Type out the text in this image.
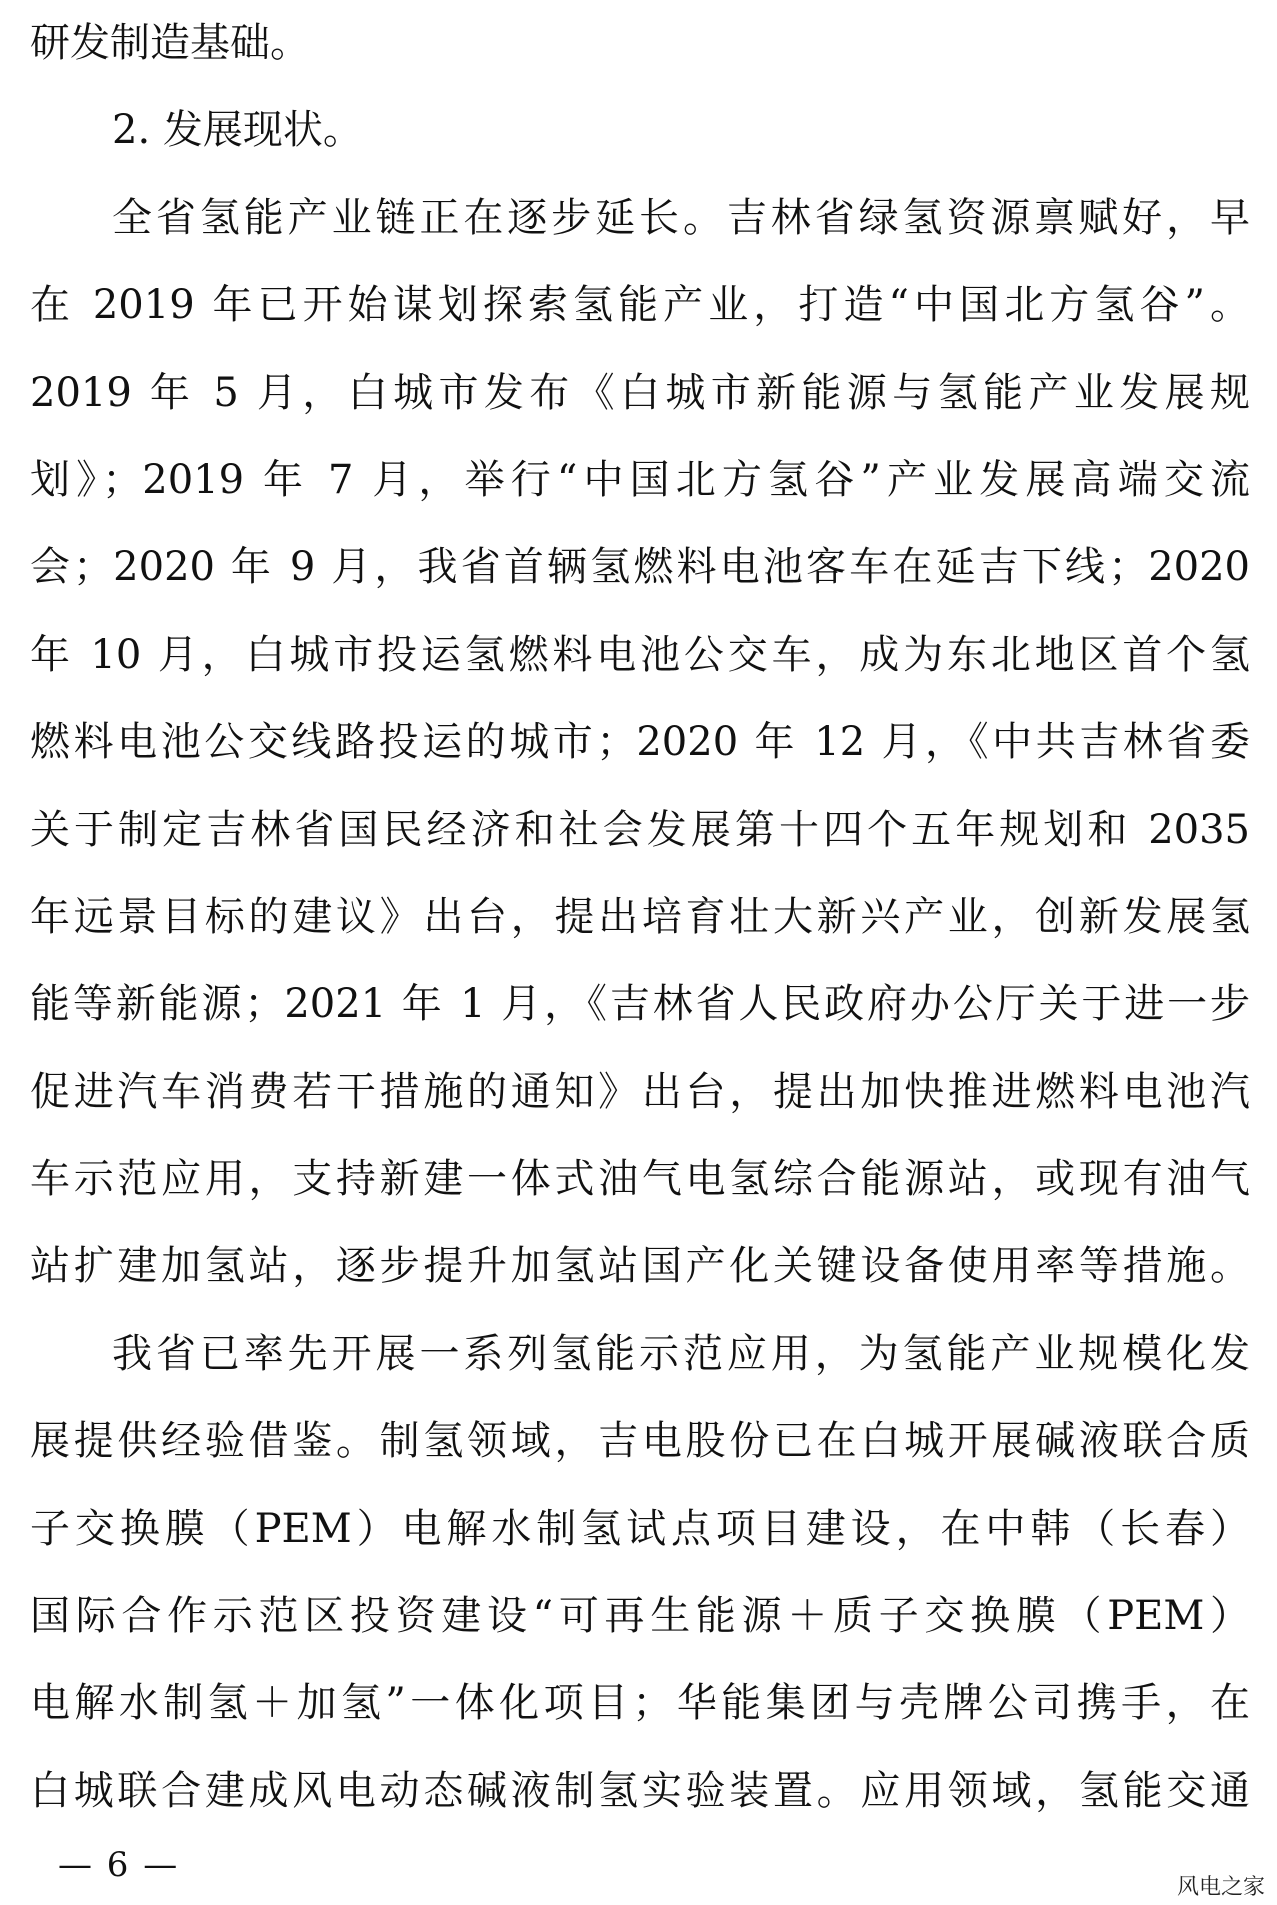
研发制造基础。
2. 发展现状。
全省氢能产业链正在逐步延长。吉林省绿氢资源禀赋好，早
在 2019 年已开始谋划探索氢能产业，打造“中国北方氢谷”。
2019 年 5 月，白城市发布《白城市新能源与氢能产业发展规
划》；2019 年 7 月，举行“中国北方氢谷”产业发展高端交流
会；2020 年 9 月，我省首辆氢燃料电池客车在延吉下线；2020
年 10 月，白城市投运氢燃料电池公交车，成为东北地区首个氢
燃料电池公交线路投运的城市；2020 年 12 月，《中共吉林省委
关于制定吉林省国民经济和社会发展第十四个五年规划和 2035
年远景目标的建议》出台，提出培育壮大新兴产业，创新发展氢
能等新能源；2021 年 1 月，《吉林省人民政府办公厅关于进一步
促进汽车消费若干措施的通知》出台，提出加快推进燃料电池汽
车示范应用，支持新建一体式油气电氢综合能源站，或现有油气
站扩建加氢站，逐步提升加氢站国产化关键设备使用率等措施。
我省已率先开展一系列氢能示范应用，为氢能产业规模化发
展提供经验借鉴。制氢领域，吉电股份已在白城开展碱液联合质
子交换膜（PEM）电解水制氢试点项目建设，在中韩（长春）
国际合作示范区投资建设“可再生能源＋质子交换膜（PEM）
电解水制氢＋加氢”一体化项目；华能集团与壳牌公司携手，在
白城联合建成风电动态碱液制氢实验装置。应用领域，氢能交通
— 6 —
风电之家
